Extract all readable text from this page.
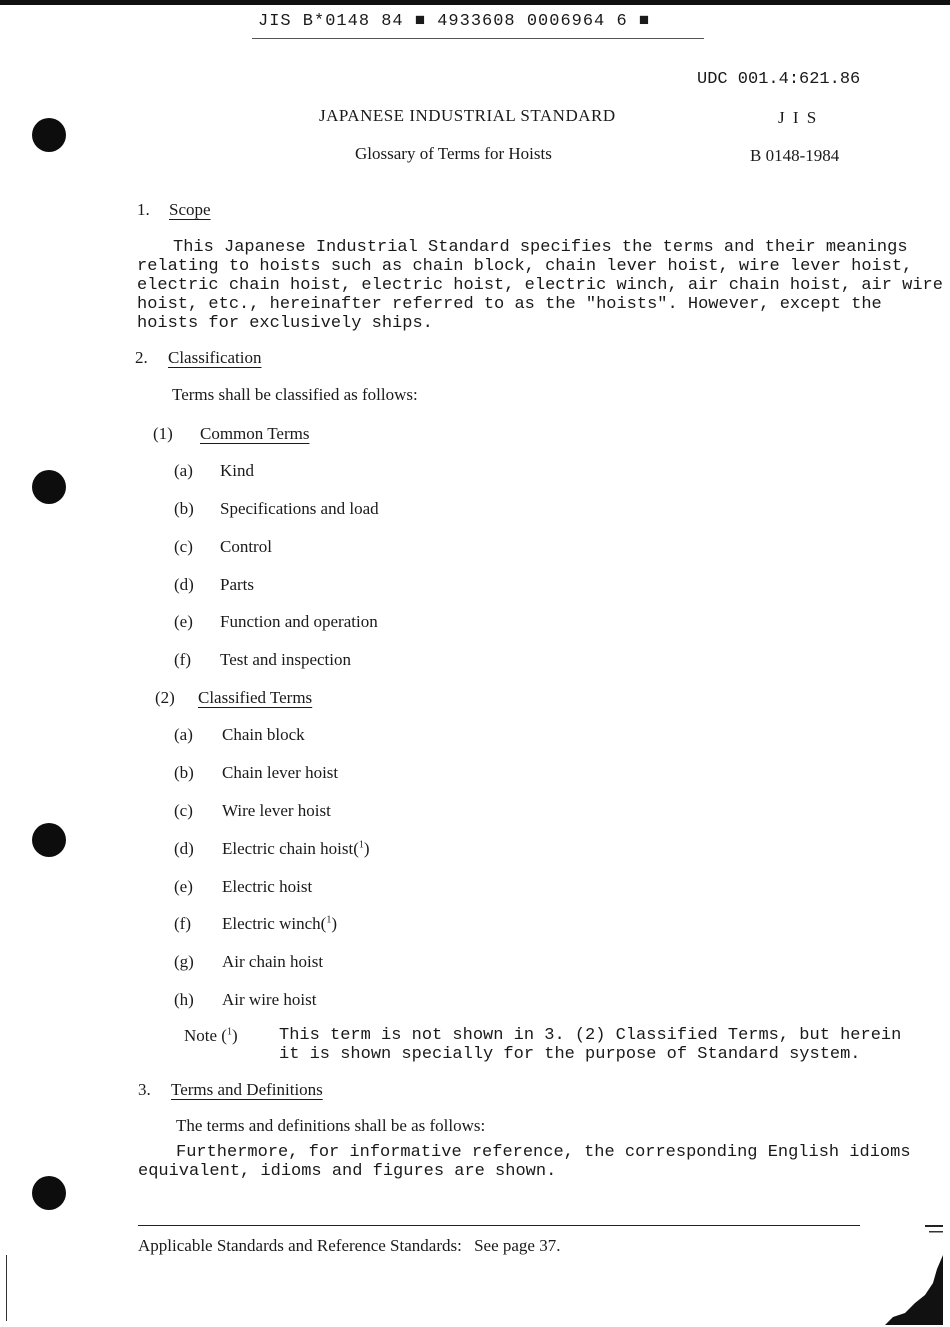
JIS B*0148 84 ■ 4933608 0006964 6 ■
UDC 001.4:621.86
JAPANESE INDUSTRIAL STANDARD	J I S
Glossary of Terms for Hoists	B 0148-1984
1. Scope
This Japanese Industrial Standard specifies the terms and their meanings
relating to hoists such as chain block, chain lever hoist, wire lever hoist,
electric chain hoist, electric hoist, electric winch, air chain hoist, air wire
hoist, etc., hereinafter referred to as the "hoists". However, except the
hoists for exclusively ships.
2. Classification
Terms shall be classified as follows:
(1) Common Terms
(a) Kind
(b) Specifications and load
(c) Control
(d) Parts
(e) Function and operation
(f) Test and inspection
(2) Classified Terms
(a) Chain block
(b) Chain lever hoist
(c) Wire lever hoist
(d) Electric chain hoist($^1$)
(e) Electric hoist
(f) Electric winch($^1$)
(g) Air chain hoist
(h) Air wire hoist
Note ($^1$) This term is not shown in 3. (2) Classified Terms, but herein
it is shown specially for the purpose of Standard system.
3. Terms and Definitions
The terms and definitions shall be as follows:
Furthermore, for informative reference, the corresponding English idioms
equivalent, idioms and figures are shown.
Applicable Standards and Reference Standards: See page 37.
